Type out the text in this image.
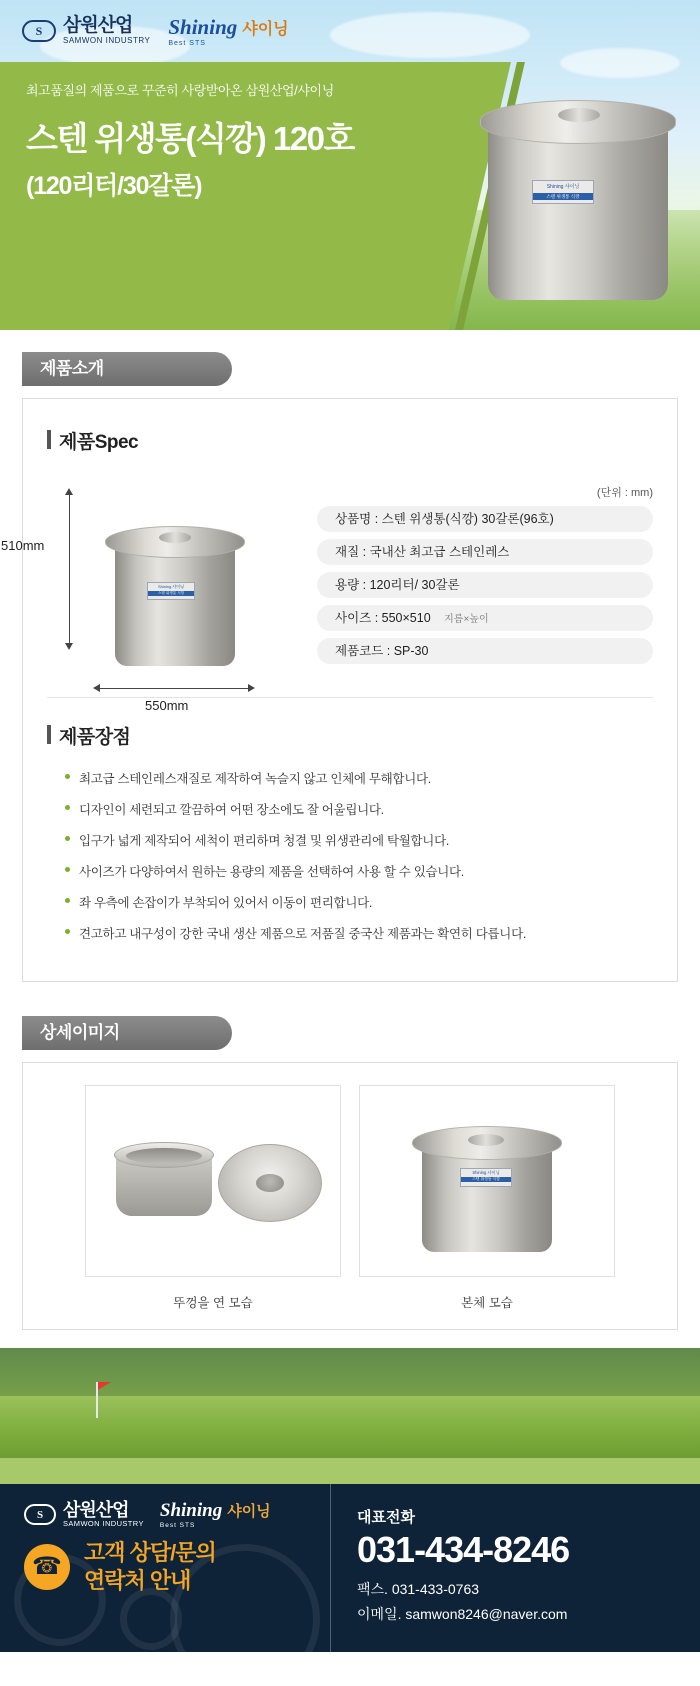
S	삼원산업
SAMWON INDUSTRY
Shining
Best STS
샤이닝
최고품질의 제품으로 꾸준히 사랑받아온 삼원산업/샤이닝
스텐 위생통(식깡) 120호
(120리터/30갈론)	Shining 샤이닝
스텐 위생통 식깡
제품소개
제품Spec
510mm
550mm
Shining 샤이닝
스텐 위생통 식깡
(단위 : mm)
상품명 : 스텐 위생통(식깡) 30갈론(96호)
재질 : 국내산 최고급 스테인레스
용량 : 120리터/ 30갈론
사이즈 : 550×510 지름×높이
제품코드 : SP-30
제품장점
최고급 스테인레스재질로 제작하여 녹슬지 않고 인체에 무해합니다.
디자인이 세련되고 깔끔하여 어떤 장소에도 잘 어울립니다.
입구가 넓게 제작되어 세척이 편리하며 청결 및 위생관리에 탁월합니다.
사이즈가 다양하여서 원하는 용량의 제품을 선택하여 사용 할 수 있습니다.
좌 우측에 손잡이가 부착되어 있어서 이동이 편리합니다.
견고하고 내구성이 강한 국내 생산 제품으로 저품질 중국산 제품과는 확연히 다릅니다.
상세이미지
뚜껑을 연 모습
Shining 샤이닝
스텐 위생통 식깡
본체 모습
S	삼원산업
SAMWON INDUSTRY
Shining
Best STS
샤이닝
☎
고객 상담/문의
연락처 안내
대표전화
031-434-8246
팩스. 031-433-0763
이메일. samwon8246@naver.com
